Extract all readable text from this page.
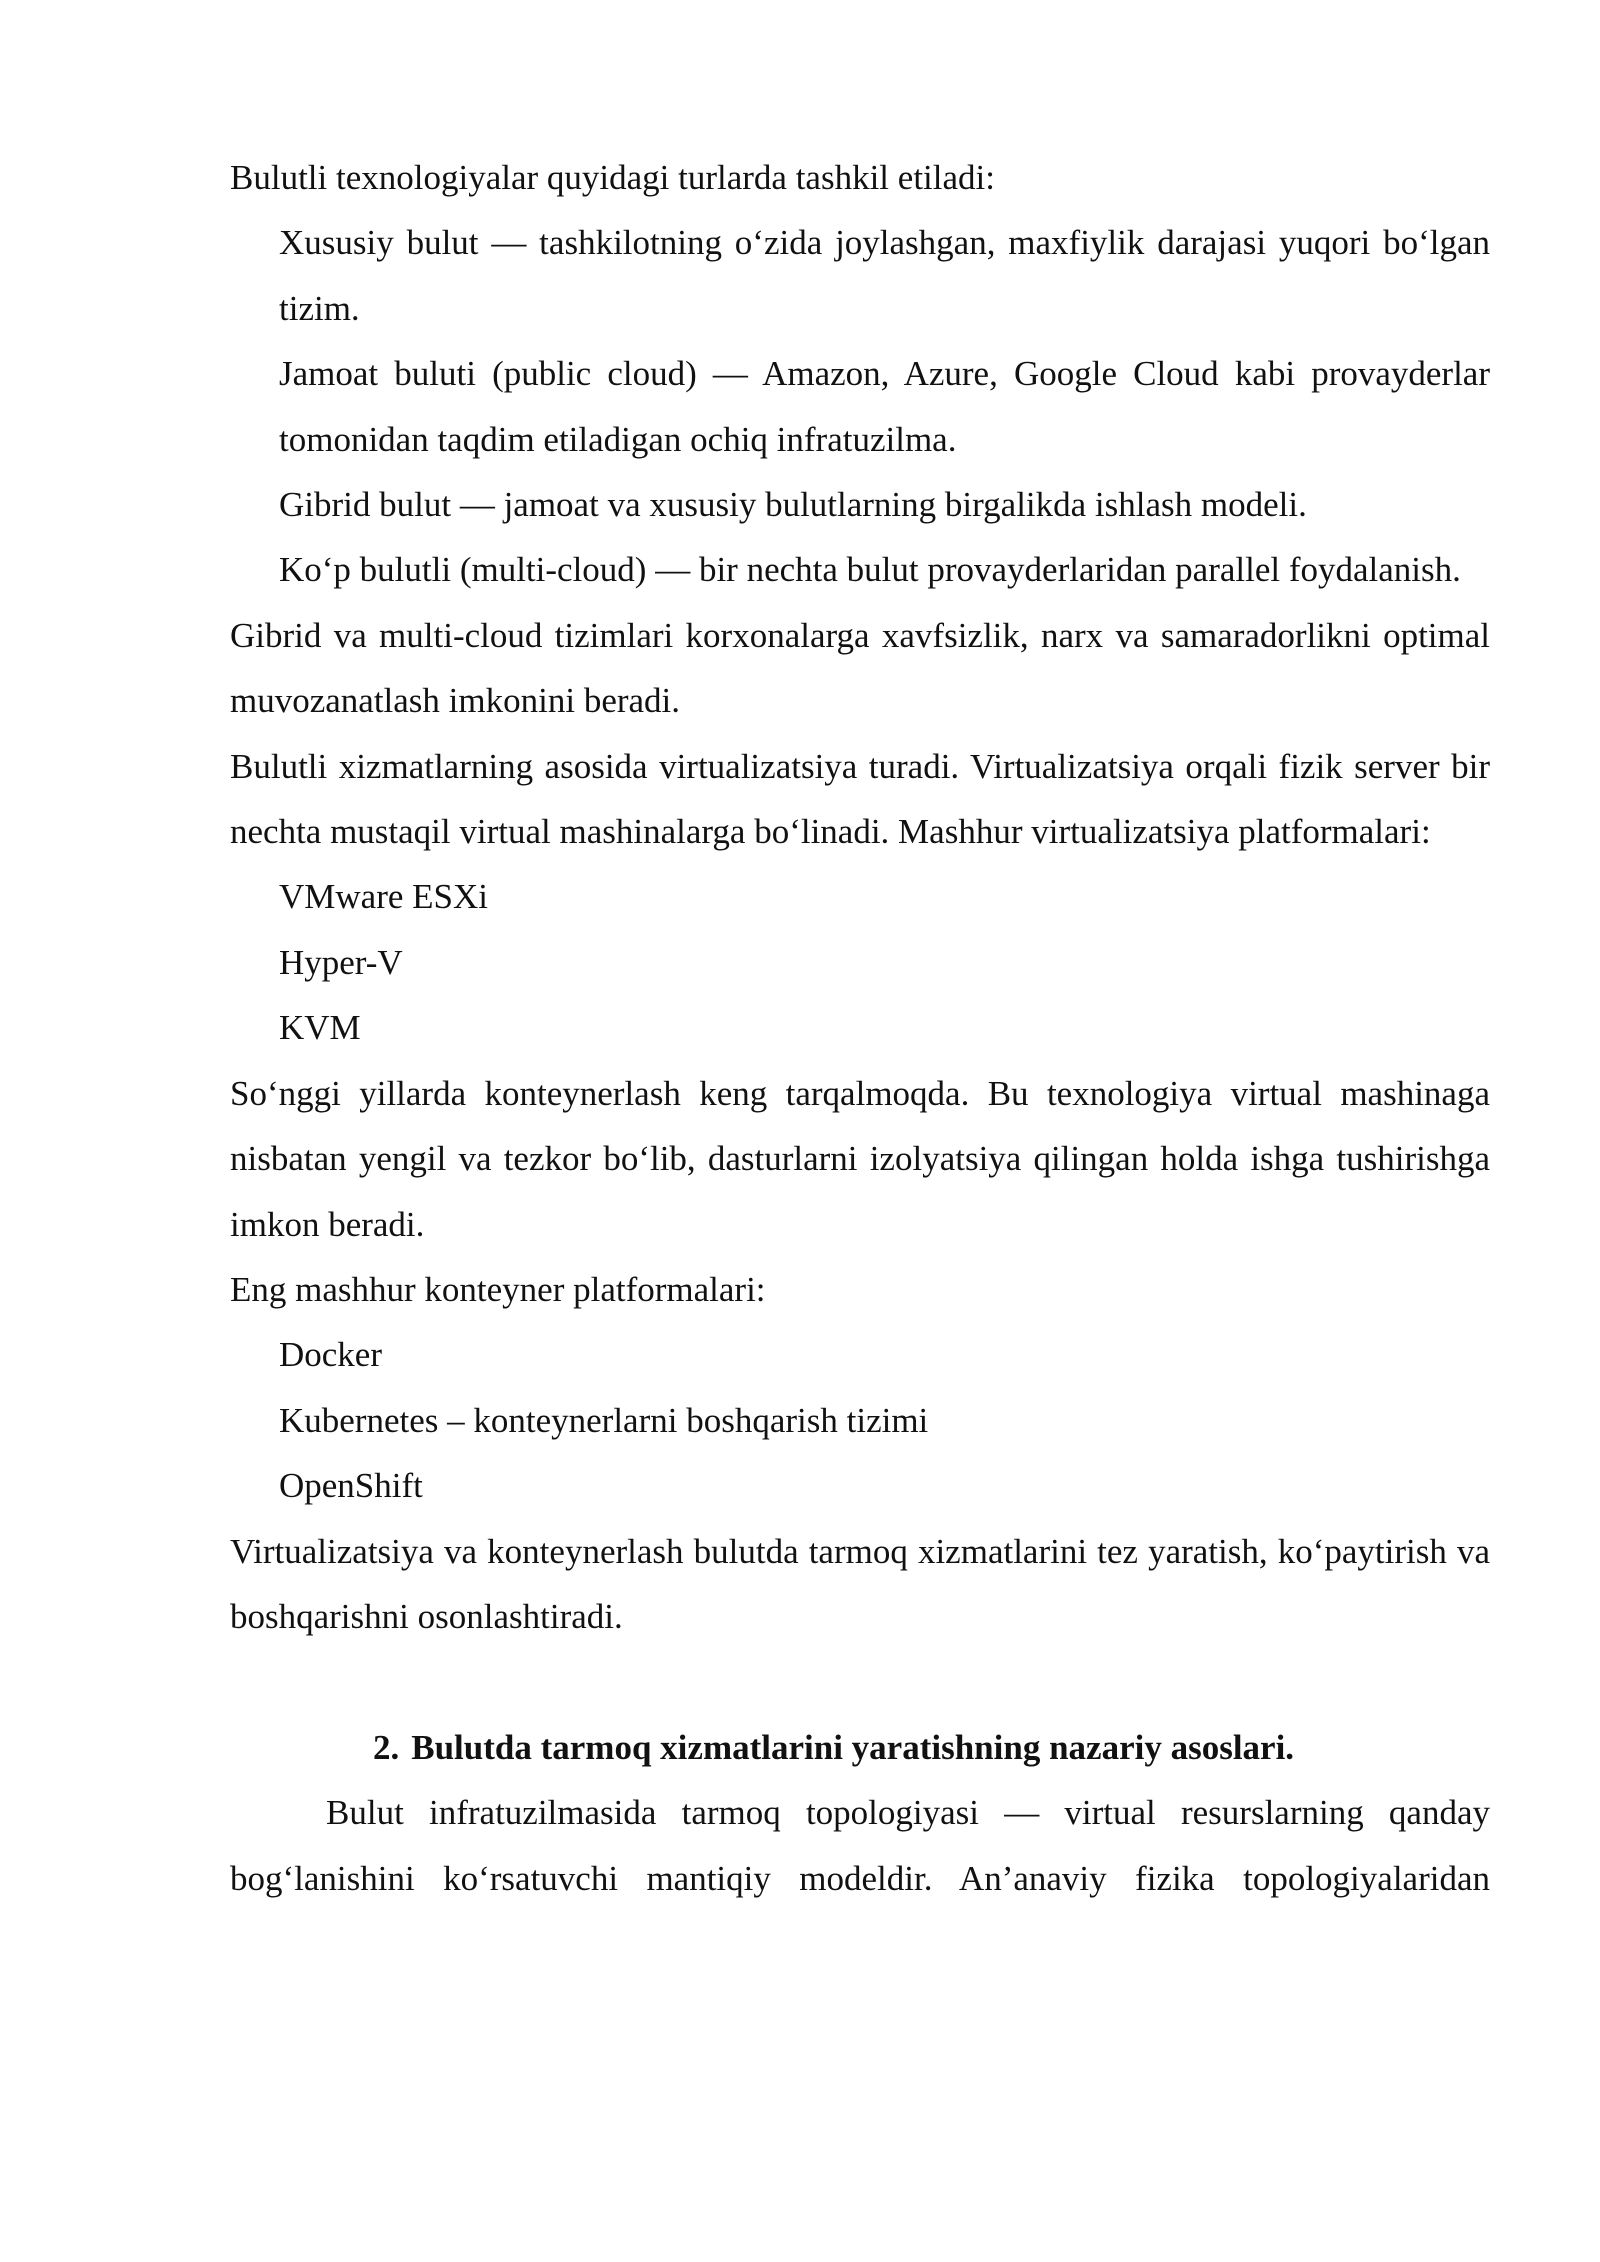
Bulutli texnologiyalar quyidagi turlarda tashkil etiladi:

Xususiy bulut — tashkilotning o‘zida joylashgan, maxfiylik darajasi yuqori bo‘lgan tizim.

Jamoat buluti (public cloud) — Amazon, Azure, Google Cloud kabi provayderlar tomonidan taqdim etiladigan ochiq infratuzilma.

Gibrid bulut — jamoat va xususiy bulutlarning birgalikda ishlash modeli.

Ko‘p bulutli (multi-cloud) — bir nechta bulut provayderlaridan parallel foydalanish.

Gibrid va multi-cloud tizimlari korxonalarga xavfsizlik, narx va samaradorlikni optimal muvozanatlash imkonini beradi.

Bulutli xizmatlarning asosida virtualizatsiya turadi. Virtualizatsiya orqali fizik server bir nechta mustaqil virtual mashinalarga bo‘linadi. Mashhur virtualizatsiya platformalari:

VMware ESXi

Hyper-V

KVM

So‘nggi yillarda konteynerlash keng tarqalmoqda. Bu texnologiya virtual mashinaga nisbatan yengil va tezkor bo‘lib, dasturlarni izolyatsiya qilingan holda ishga tushirishga imkon beradi.

Eng mashhur konteyner platformalari:

Docker

Kubernetes – konteynerlarni boshqarish tizimi

OpenShift

Virtualizatsiya va konteynerlash bulutda tarmoq xizmatlarini tez yaratish, ko‘paytirish va boshqarishni osonlashtiradi.

2. Bulutda tarmoq xizmatlarini yaratishning nazariy asoslari.

Bulut infratuzilmasida tarmoq topologiyasi — virtual resurslarning qanday bog‘lanishini ko‘rsatuvchi mantiqiy modeldir. An’anaviy fizika topologiyalaridan
